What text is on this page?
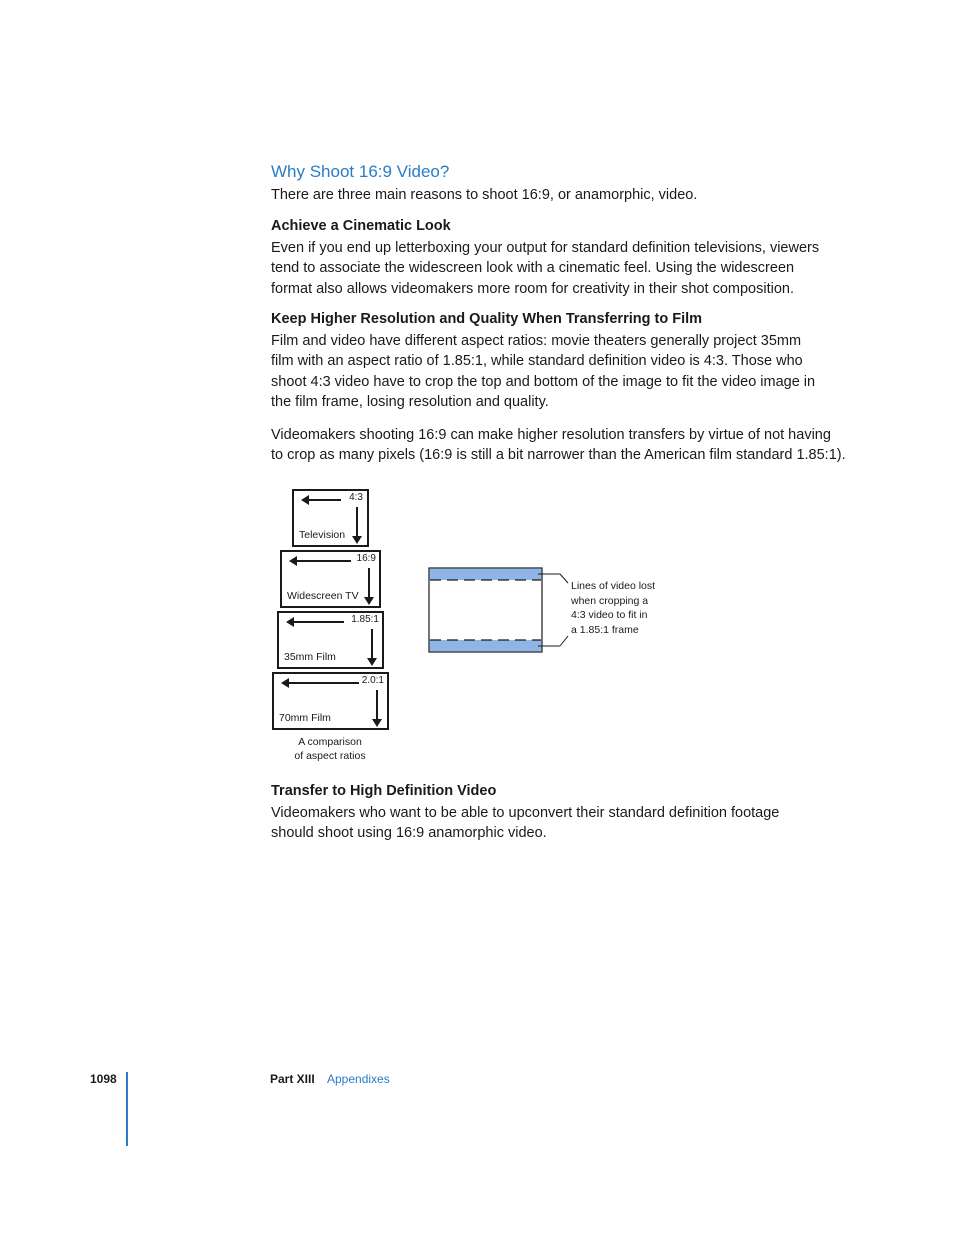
Why Shoot 16:9 Video?

There are three main reasons to shoot 16:9, or anamorphic, video.

Achieve a Cinematic Look

Even if you end up letterboxing your output for standard definition televisions, viewers
tend to associate the widescreen look with a cinematic feel. Using the widescreen
format also allows videomakers more room for creativity in their shot composition.

Keep Higher Resolution and Quality When Transferring to Film

Film and video have different aspect ratios: movie theaters generally project 35mm
film with an aspect ratio of 1.85:1, while standard definition video is 4:3. Those who
shoot 4:3 video have to crop the top and bottom of the image to fit the video image in
the film frame, losing resolution and quality.

Videomakers shooting 16:9 can make higher resolution transfers by virtue of not having
to crop as many pixels (16:9 is still a bit narrower than the American film standard 1.85:1).

4:3
Television
16:9
Widescreen TV
1.85:1
35mm Film
2.0:1
70mm Film
A comparison
of aspect ratios
Lines of video lost
when cropping a
4:3 video to fit in
a 1.85:1 frame
Transfer to High Definition Video

Videomakers who want to be able to upconvert their standard definition footage
should shoot using 16:9 anamorphic video.

1098	Part XIII Appendixes
